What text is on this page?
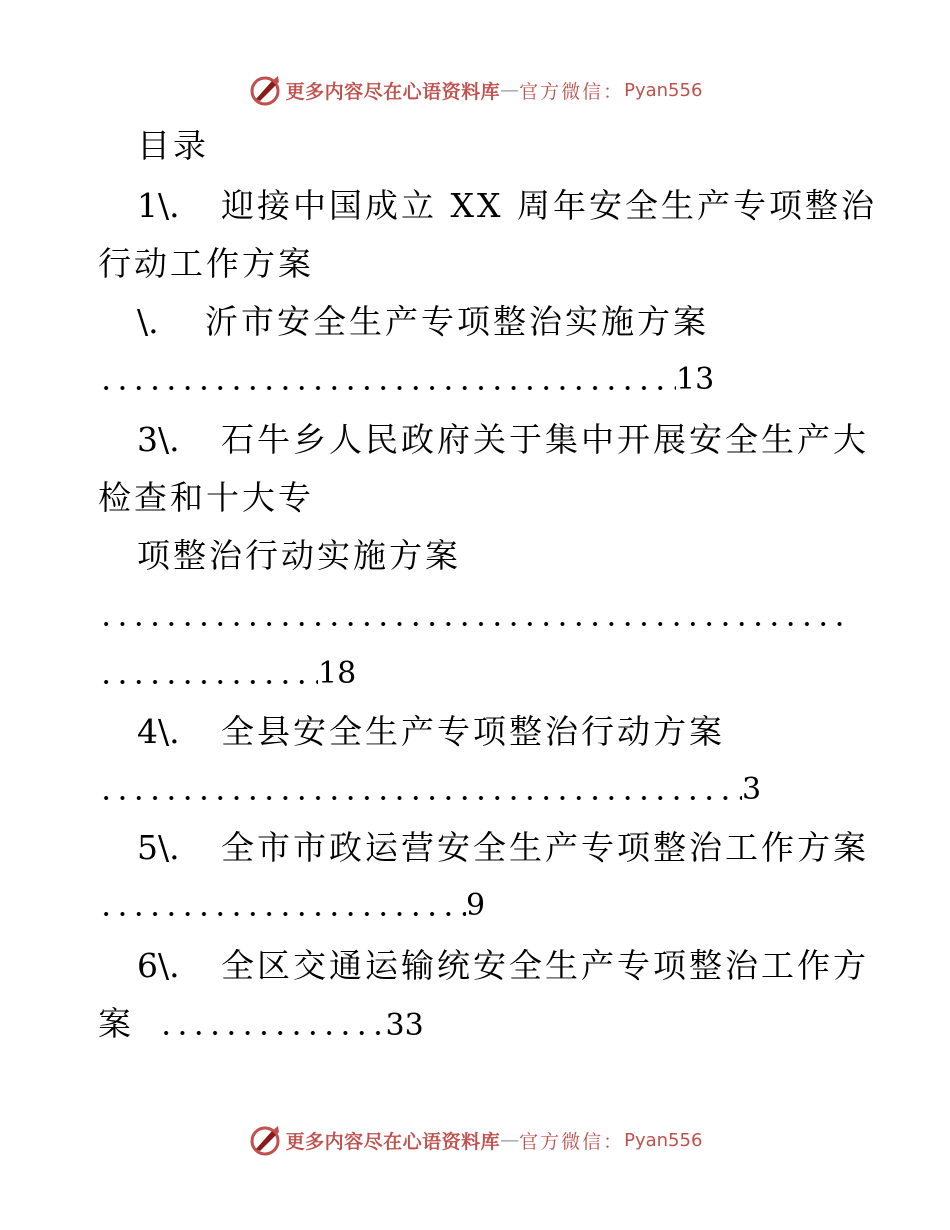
更多内容尽在心语资料库 — 官方微信： Pyan556
目录
1\. 迎接中国成立 XX 周年安全生产专项整治
行动工作方案
\. 沂市安全生产专项整治实施方案
13
3\. 石牛乡人民政府关于集中开展安全生产大
检查和十大专
项整治行动实施方案
18
4\. 全县安全生产专项整治行动方案
3
5\. 全市市政运营安全生产专项整治工作方案
9
6\. 全区交通运输统安全生产专项整治工作方
案	33
更多内容尽在心语资料库 — 官方微信： Pyan556
